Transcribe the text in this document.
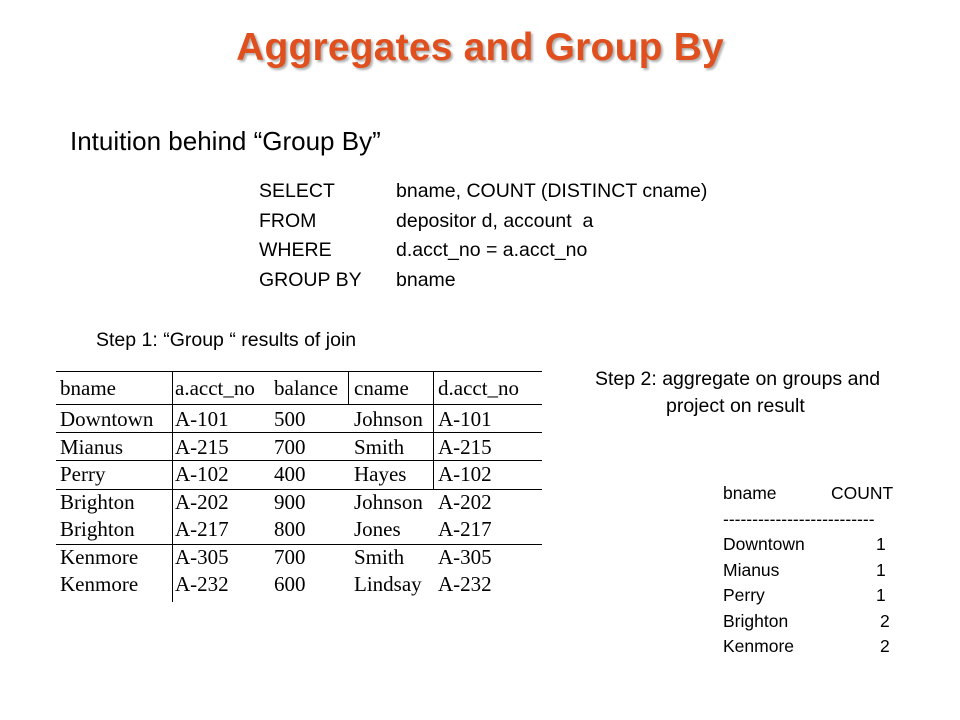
Aggregates and Group By
Intuition behind “Group By”
SELECT	bname, COUNT (DISTINCT cname)
FROM	depositor d, account  a
WHERE	d.acct_no = a.acct_no
GROUP BY bname
Step 1: “Group “ results of join
Step 2: aggregate on groups and
project on result
bname	a.acct_no balance cname d.acct_no
Downtown A-101 500 Johnson A-101
Mianus A-215 700 Smith A-215
Perry	A-102 400 Hayes A-102
Brighton A-202 900 Johnson A-202
Brighton A-217 800 Jones A-217
Kenmore A-305 700 Smith A-305
Kenmore A-232 600 Lindsay A-232
bname	COUNT
--------------------------
Downtown	1
Mianus	1
Perry	1
Brighton	2
Kenmore	2
